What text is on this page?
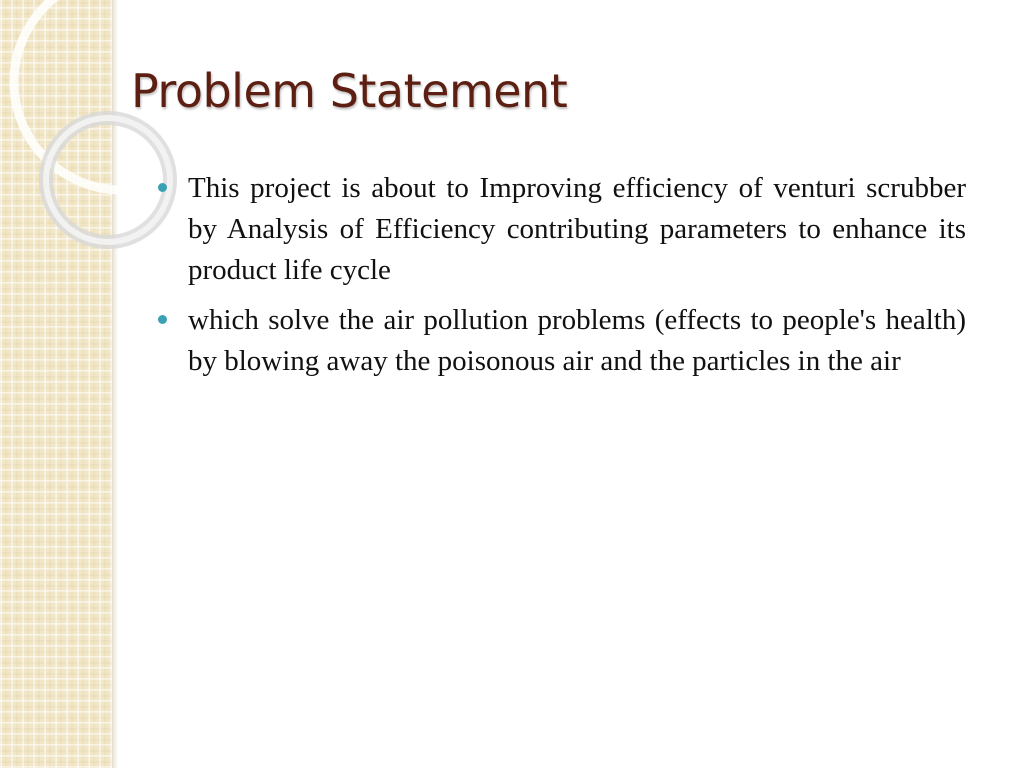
Problem Statement
This project is about to Improving efficiency of venturi scrubber by Analysis of Efficiency contributing parameters to enhance its product life cycle
which solve the air pollution problems (effects to people's health) by blowing away the poisonous air and the particles in the air
